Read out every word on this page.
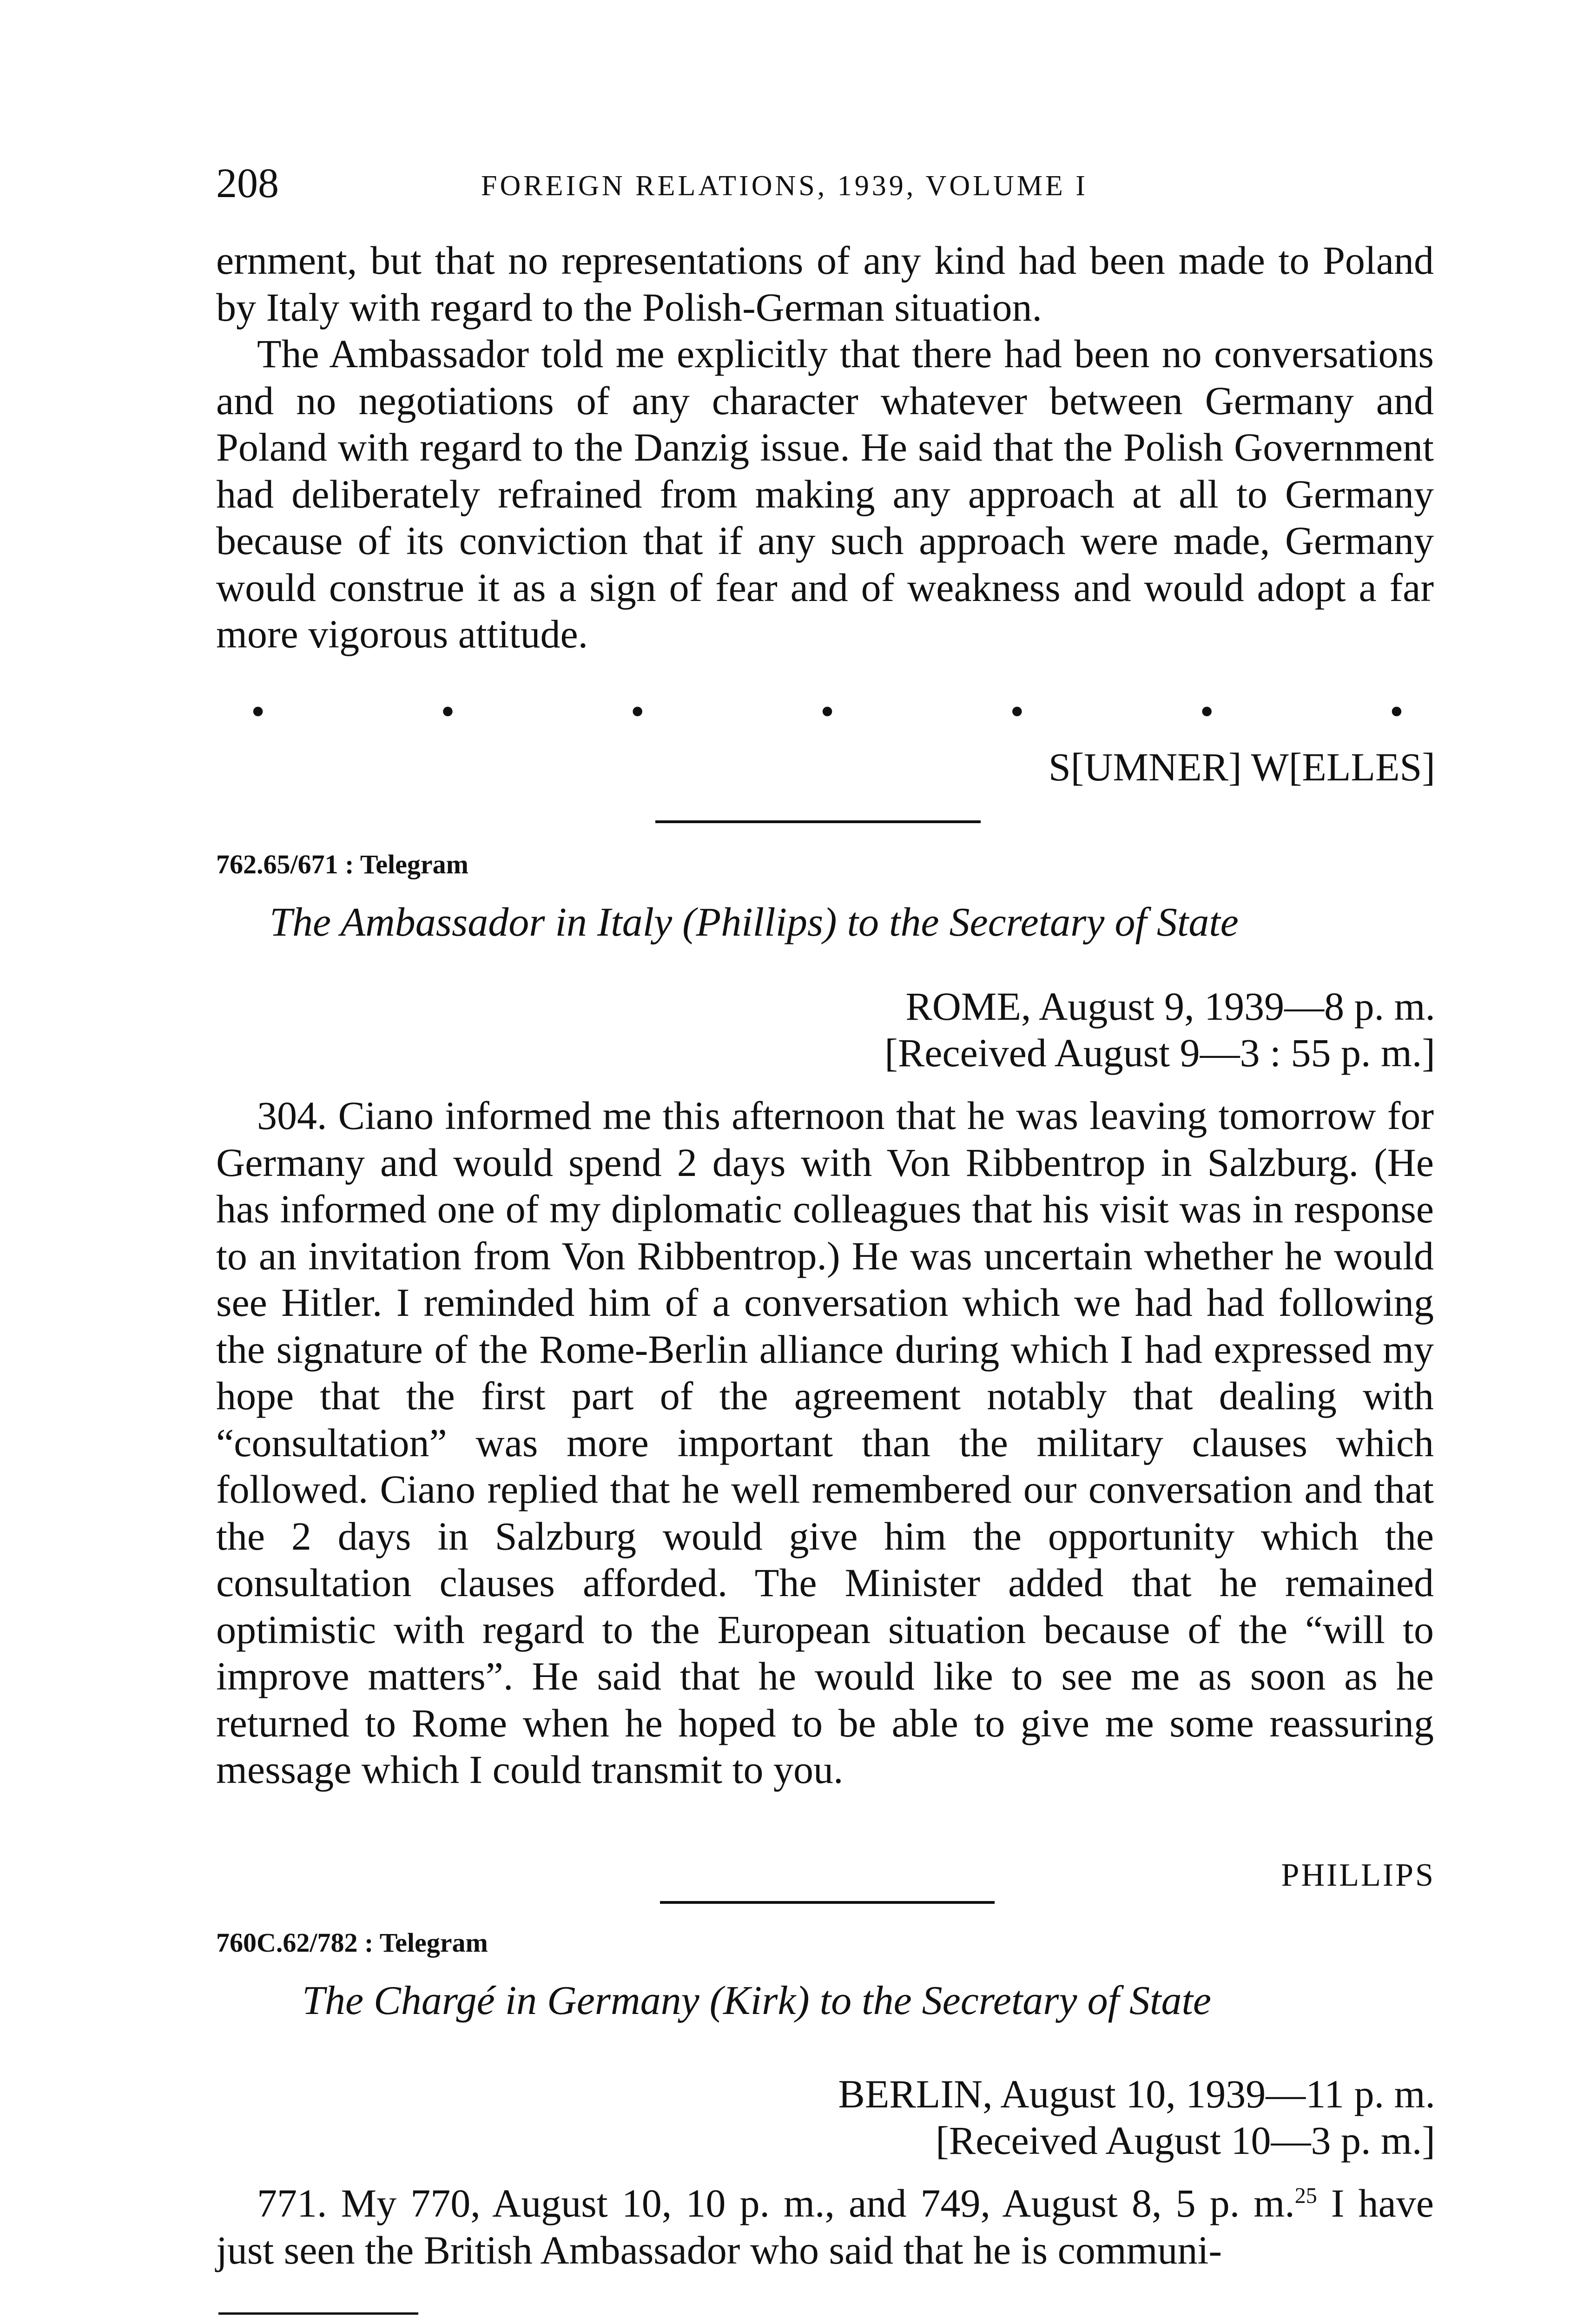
208	FOREIGN RELATIONS, 1939, VOLUME I

ernment, but that no representations of any kind had been made to Poland by Italy with regard to the Polish-German situation.

The Ambassador told me explicitly that there had been no conversations and no negotiations of any character whatever between Germany and Poland with regard to the Danzig issue. He said that the Polish Government had deliberately refrained from making any approach at all to Germany because of its conviction that if any such approach were made, Germany would construe it as a sign of fear and of weakness and would adopt a far more vigorous attitude.

•	•	•	•	•	•	•
S[UMNER] W[ELLES]
762.65/671 : Telegram
The Ambassador in Italy (Phillips) to the Secretary of State
ROME, August 9, 1939—8 p. m.
[Received August 9—3 : 55 p. m.]

304. Ciano informed me this afternoon that he was leaving tomorrow for Germany and would spend 2 days with Von Ribbentrop in Salzburg. (He has informed one of my diplomatic colleagues that his visit was in response to an invitation from Von Ribbentrop.) He was uncertain whether he would see Hitler. I reminded him of a conversation which we had had following the signature of the Rome-Berlin alliance during which I had expressed my hope that the first part of the agreement notably that dealing with “consultation” was more important than the military clauses which followed. Ciano replied that he well remembered our conversation and that the 2 days in Salzburg would give him the opportunity which the consultation clauses afforded. The Minister added that he remained optimistic with regard to the European situation because of the “will to improve matters”. He said that he would like to see me as soon as he returned to Rome when he hoped to be able to give me some reassuring message which I could transmit to you.

PHILLIPS
760C.62/782 : Telegram
The Chargé in Germany (Kirk) to the Secretary of State
BERLIN, August 10, 1939—11 p. m.
[Received August 10—3 p. m.]

771. My 770, August 10, 10 p. m., and 749, August 8, 5 p. m.$^{25}$ I have just seen the British Ambassador who said that he is communi-
